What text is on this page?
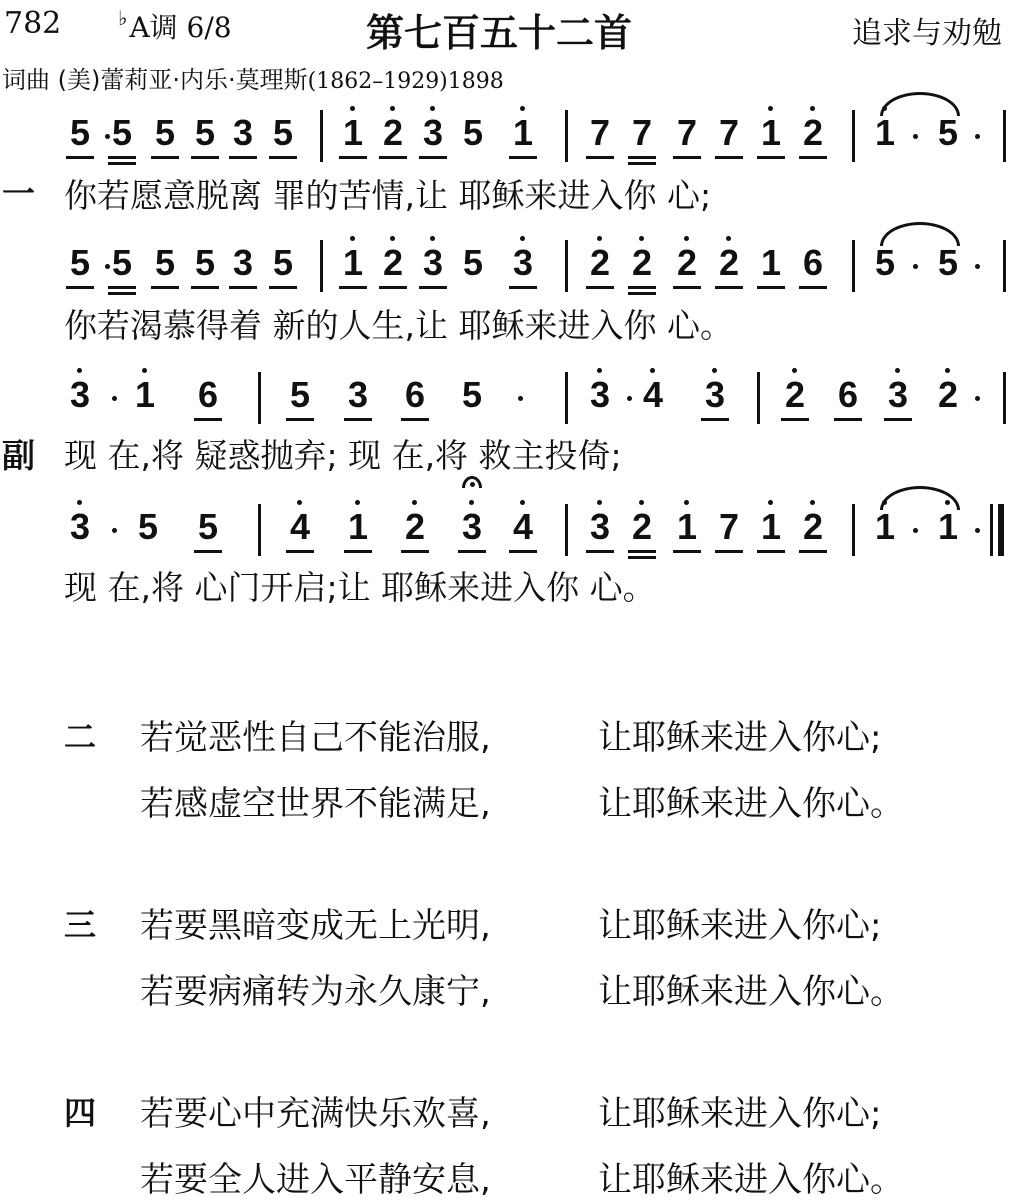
782	♭A调 6/8	第七百五十二首	追求与劝勉
词曲 (美)蕾莉亚·内乐·莫理斯(1862–1929)1898
5 5 5 5 3 5 1 2 3 5 1 7 7 7 7 1 2 1 5
5 5 5 5 3 5 1 2 3 5 3 2 2 2 2 1 6 5 5
3 1 6 5 3 6 5	3 4 3 2 6 3 2
3 5 5 4 1 2 3 4 3 2 1 7 1 2 1 1
一
副
你若愿意脱离 罪的苦情,让 耶稣来进入你 心;
你若渴慕得着 新的人生,让 耶稣来进入你 心。
现 在,将 疑惑抛弃; 现 在,将 救主投倚;
现 在,将 心门开启;让 耶稣来进入你 心。
二 若觉恶性自己不能治服,	让耶稣来进入你心;
若感虚空世界不能满足,	让耶稣来进入你心。
三 若要黑暗变成无上光明,	让耶稣来进入你心;
若要病痛转为永久康宁,	让耶稣来进入你心。
四 若要心中充满快乐欢喜,	让耶稣来进入你心;
若要全人进入平静安息,	让耶稣来进入你心。
